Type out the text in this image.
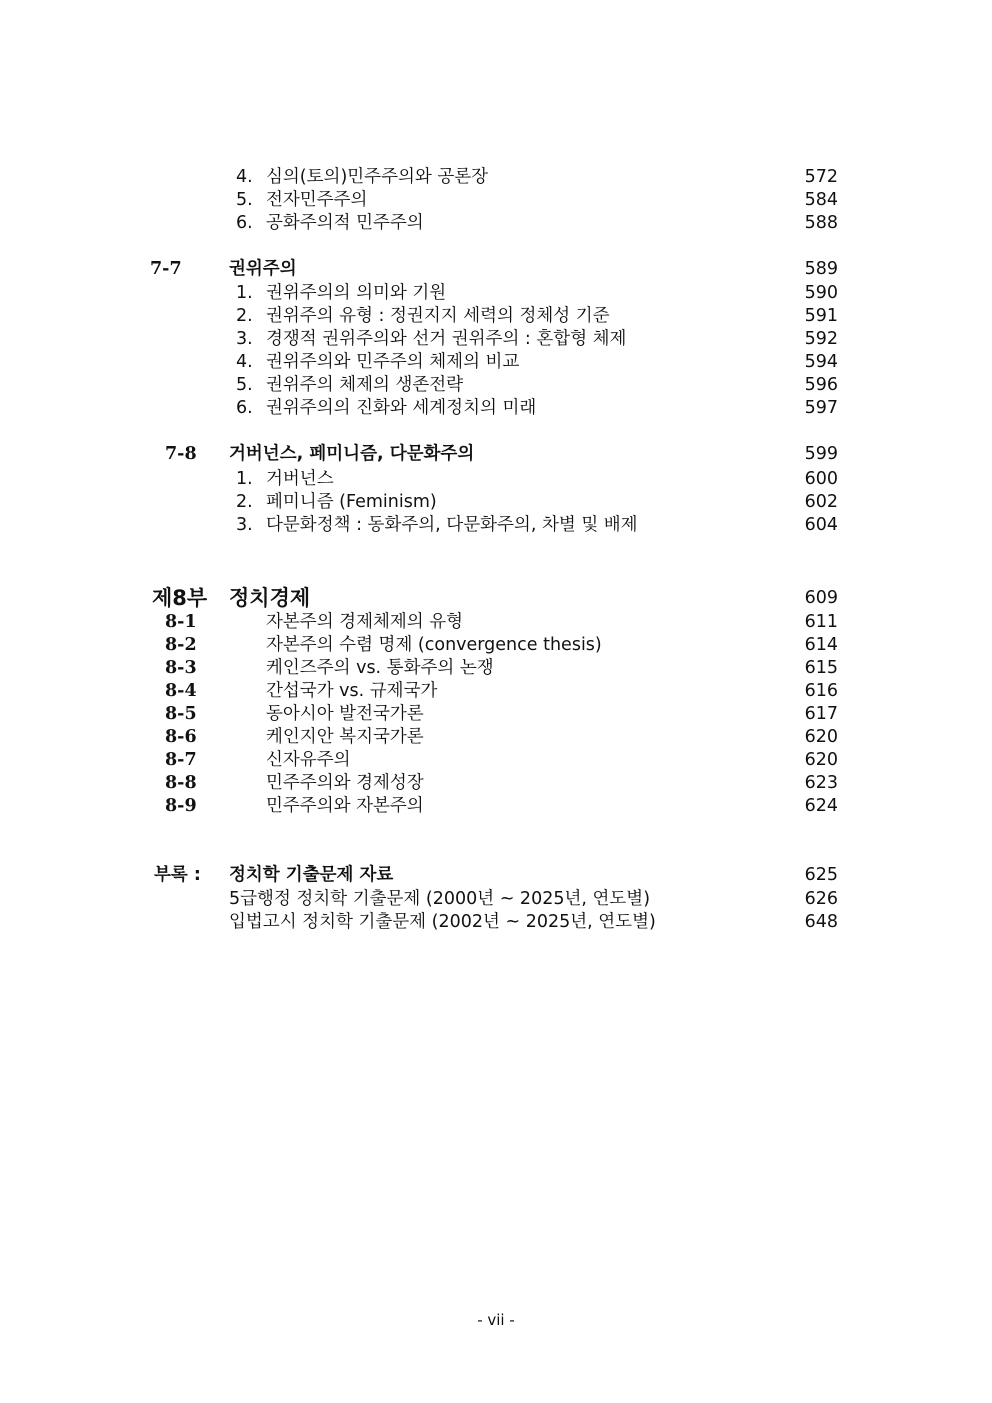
4. 심의(토의)민주주의와 공론장	572
5. 전자민주주의	584
6. 공화주의적 민주주의	588
7-7	권위주의	589
1. 권위주의의 의미와 기원	590
2. 권위주의 유형 : 정권지지 세력의 정체성 기준	591
3. 경쟁적 권위주의와 선거 권위주의 : 혼합형 체제	592
4. 권위주의와 민주주의 체제의 비교	594
5. 권위주의 체제의 생존전략	596
6. 권위주의의 진화와 세계정치의 미래	597
7-8 거버넌스, 페미니즘, 다문화주의	599
1. 거버넌스	600
2. 페미니즘 (Feminism)	602
3. 다문화정책 : 동화주의, 다문화주의, 차별 및 배제	604
제8부 정치경제	609
8-1	자본주의 경제체제의 유형	611
8-2	자본주의 수렴 명제 (convergence thesis)	614
8-3	케인즈주의 vs. 통화주의 논쟁	615
8-4	간섭국가 vs. 규제국가	616
8-5	동아시아 발전국가론	617
8-6	케인지안 복지국가론	620
8-7	신자유주의	620
8-8	민주주의와 경제성장	623
8-9	민주주의와 자본주의	624
부록 : 정치학 기출문제 자료	625
5급행정 정치학 기출문제 (2000년 ~ 2025년, 연도별)	626
입법고시 정치학 기출문제 (2002년 ~ 2025년, 연도별)	648
- vii -
